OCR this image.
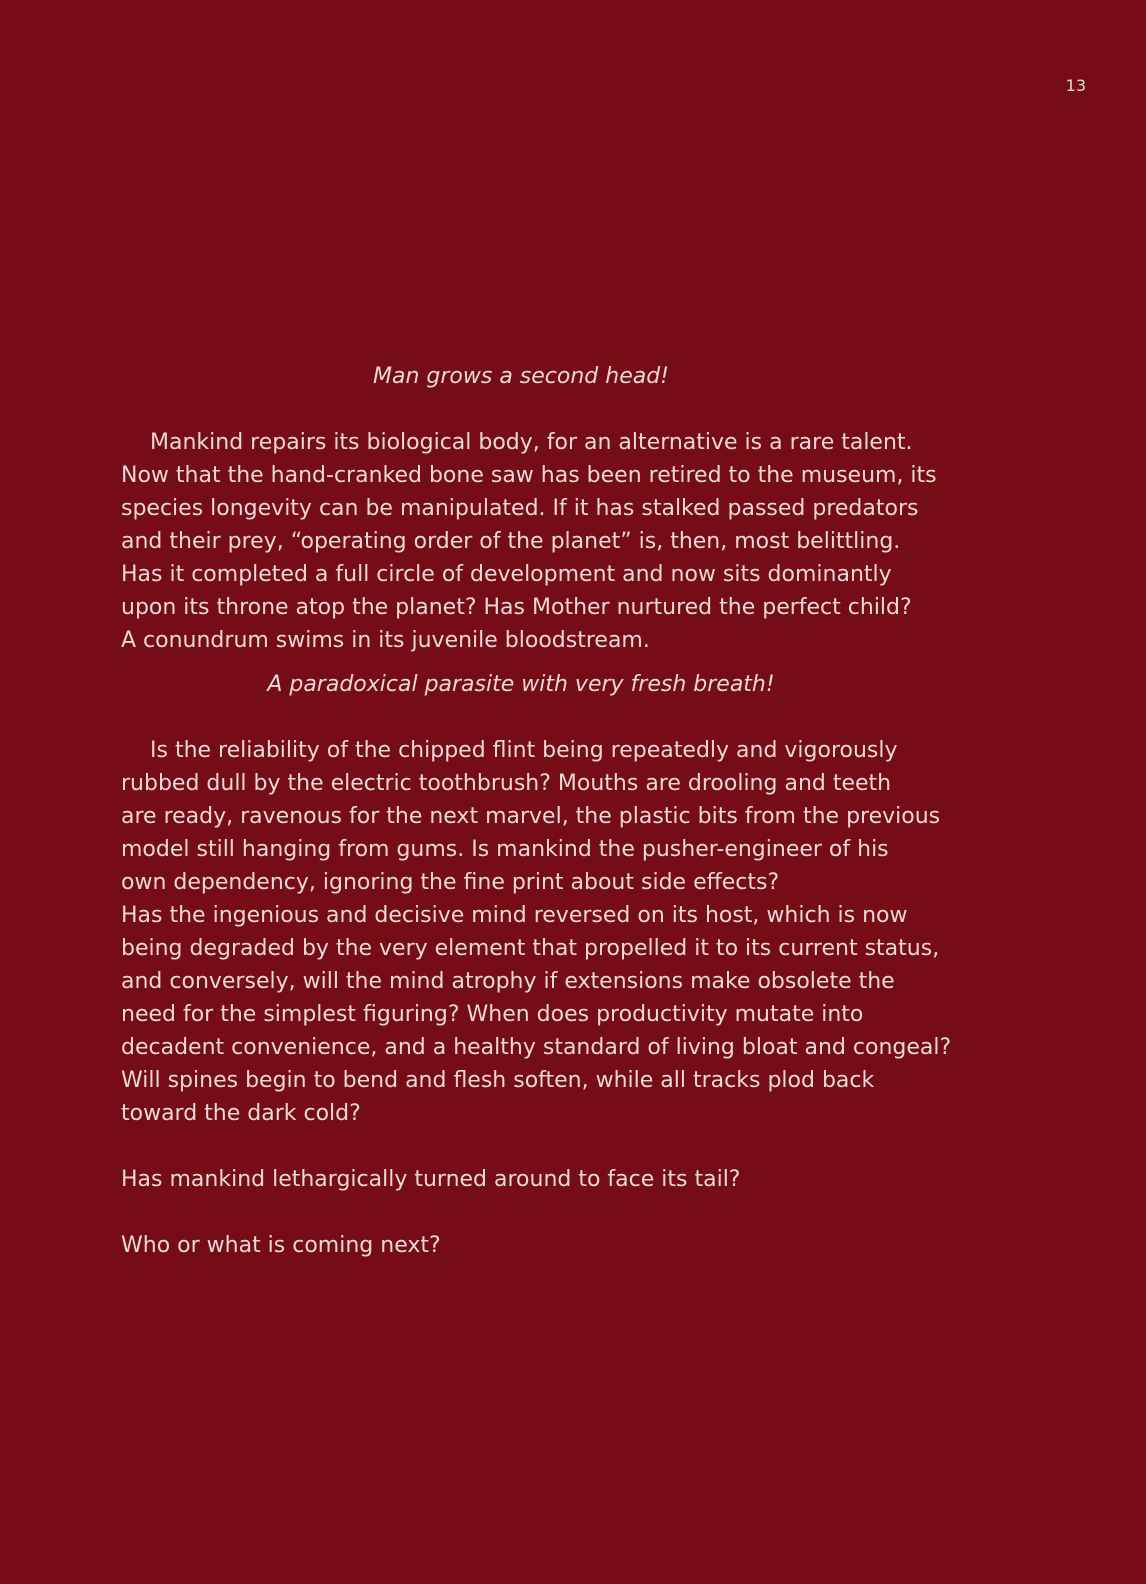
13

Man grows a second head!

Mankind repairs its biological body, for an alternative is a rare talent.
Now that the hand-cranked bone saw has been retired to the museum, its
species longevity can be manipulated. If it has stalked passed predators
and their prey, “operating order of the planet” is, then, most belittling.
Has it completed a full circle of development and now sits dominantly
upon its throne atop the planet? Has Mother nurtured the perfect child?
A conundrum swims in its juvenile bloodstream.

A paradoxical parasite with very fresh breath!

Is the reliability of the chipped flint being repeatedly and vigorously
rubbed dull by the electric toothbrush? Mouths are drooling and teeth
are ready, ravenous for the next marvel, the plastic bits from the previous
model still hanging from gums. Is mankind the pusher-engineer of his
own dependency, ignoring the fine print about side effects?
Has the ingenious and decisive mind reversed on its host, which is now
being degraded by the very element that propelled it to its current status,
and conversely, will the mind atrophy if extensions make obsolete the
need for the simplest figuring? When does productivity mutate into
decadent convenience, and a healthy standard of living bloat and congeal?
Will spines begin to bend and flesh soften, while all tracks plod back
toward the dark cold?

Has mankind lethargically turned around to face its tail?

Who or what is coming next?
